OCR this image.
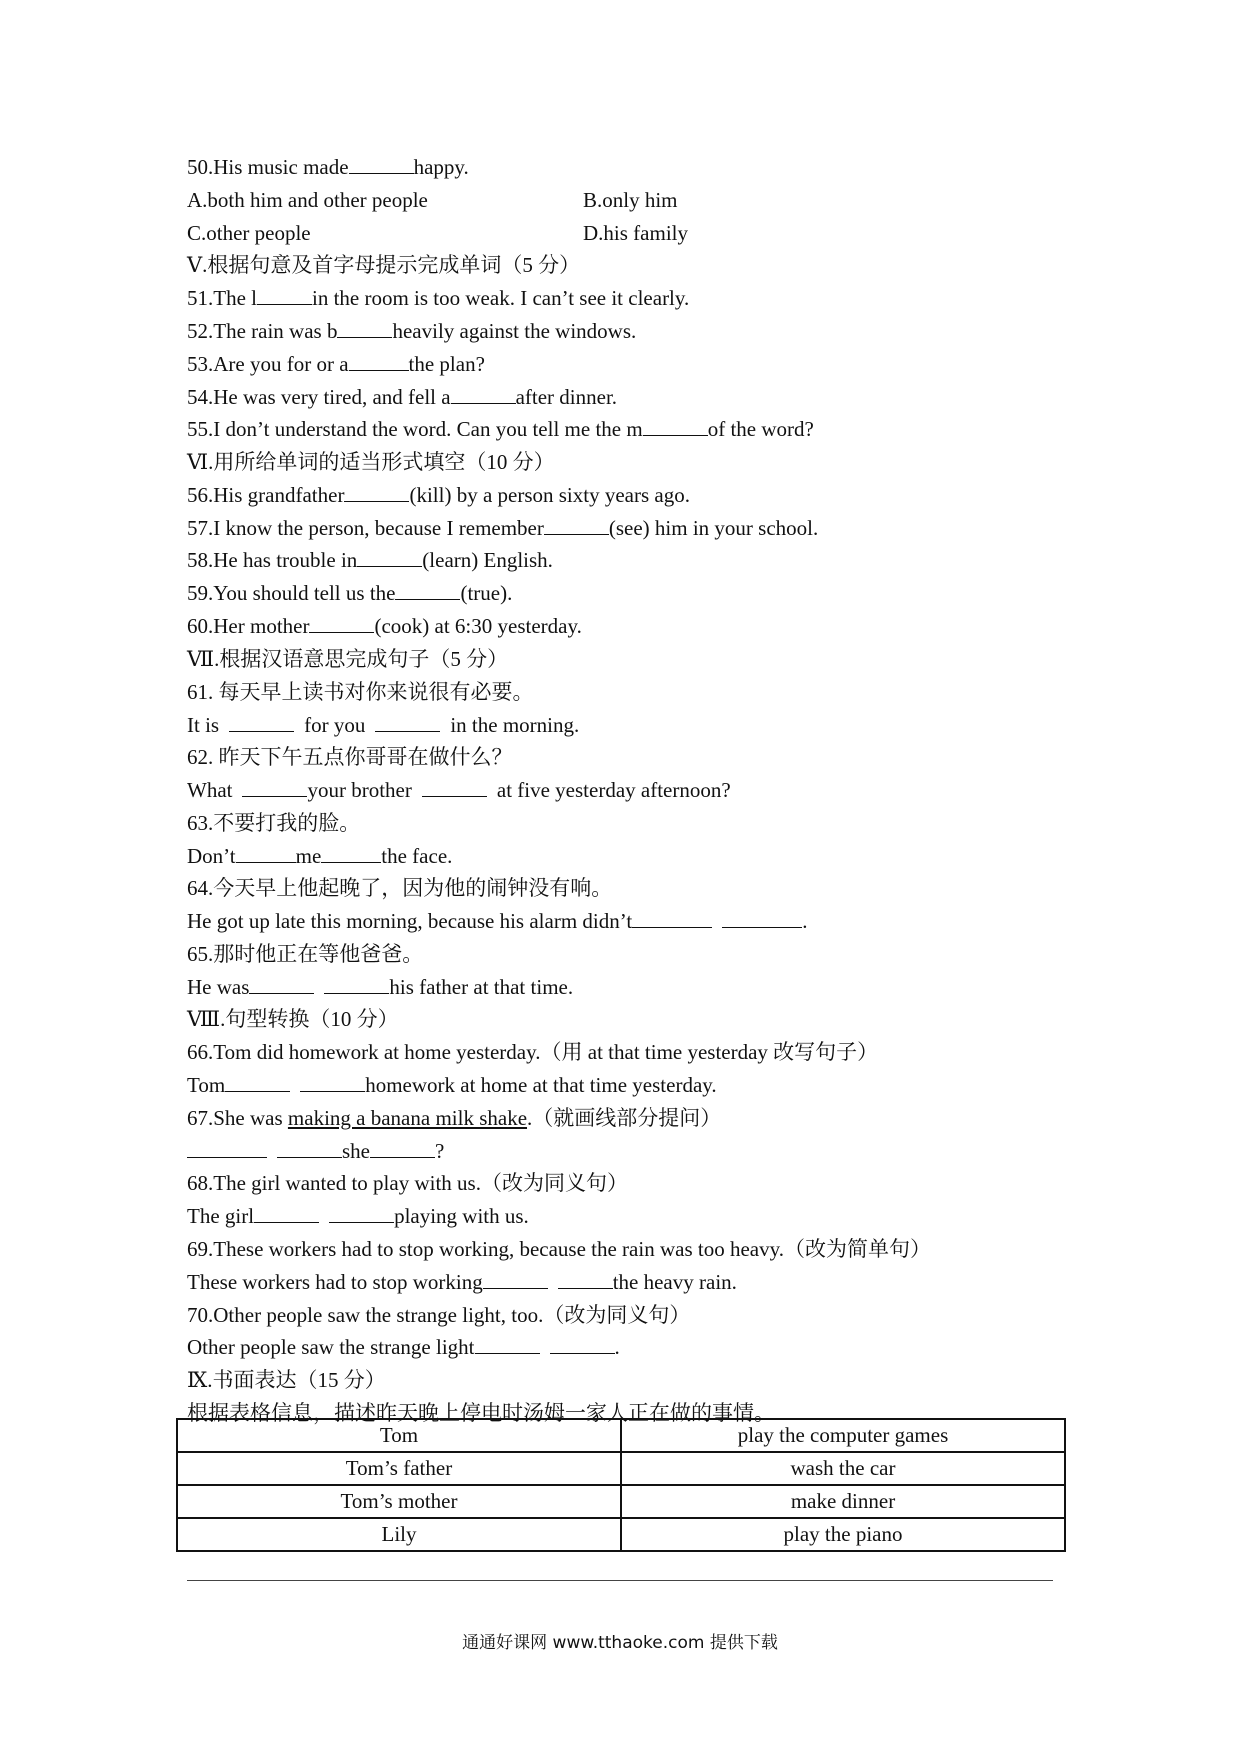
50.His music made	happy.
A.both him and other people	B.only him
C.other people	D.his family
Ⅴ.根据句意及首字母提示完成单词（5 分）
51.The l	in the room is too weak. I can’t see it clearly.
52.The rain was b	heavily against the windows.
53.Are you for or a	the plan?
54.He was very tired, and fell a	after dinner.
55.I don’t understand the word. Can you tell me the m	of the word?
Ⅵ.用所给单词的适当形式填空（10 分）
56.His grandfather	(kill) by a person sixty years ago.
57.I know the person, because I remember	(see) him in your school.
58.He has trouble in	(learn) English.
59.You should tell us the	(true).
60.Her mother	(cook) at 6:30 yesterday.
Ⅶ.根据汉语意思完成句子（5 分）
61. 每天早上读书对你来说很有必要。
It is	for you	in the morning.
62. 昨天下午五点你哥哥在做什么？
What	your brother	at five yesterday afternoon?
63.不要打我的脸。
Don’t	me	the face.
64.今天早上他起晚了，因为他的闹钟没有响。
He got up late this morning, because his alarm didn’t	.
65.那时他正在等他爸爸。
He was	his father at that time.
Ⅷ.句型转换（10 分）
66.Tom did homework at home yesterday.（用 at that time yesterday 改写句子）
Tom	homework at home at that time yesterday.
67.She was making a banana milk shake.（就画线部分提问）
she	?
68.The girl wanted to play with us.（改为同义句）
The girl	playing with us.
69.These workers had to stop working, because the rain was too heavy.（改为简单句）
These workers had to stop working	the heavy rain.
70.Other people saw the strange light, too.（改为同义句）
Other people saw the strange light	.
Ⅸ.书面表达（15 分）
根据表格信息，描述昨天晚上停电时汤姆一家人正在做的事情。
Tom	play the computer games
Tom’s father	wash the car
Tom’s mother	make dinner
Lily	play the piano
通通好课网 www.tthaoke.com 提供下载
